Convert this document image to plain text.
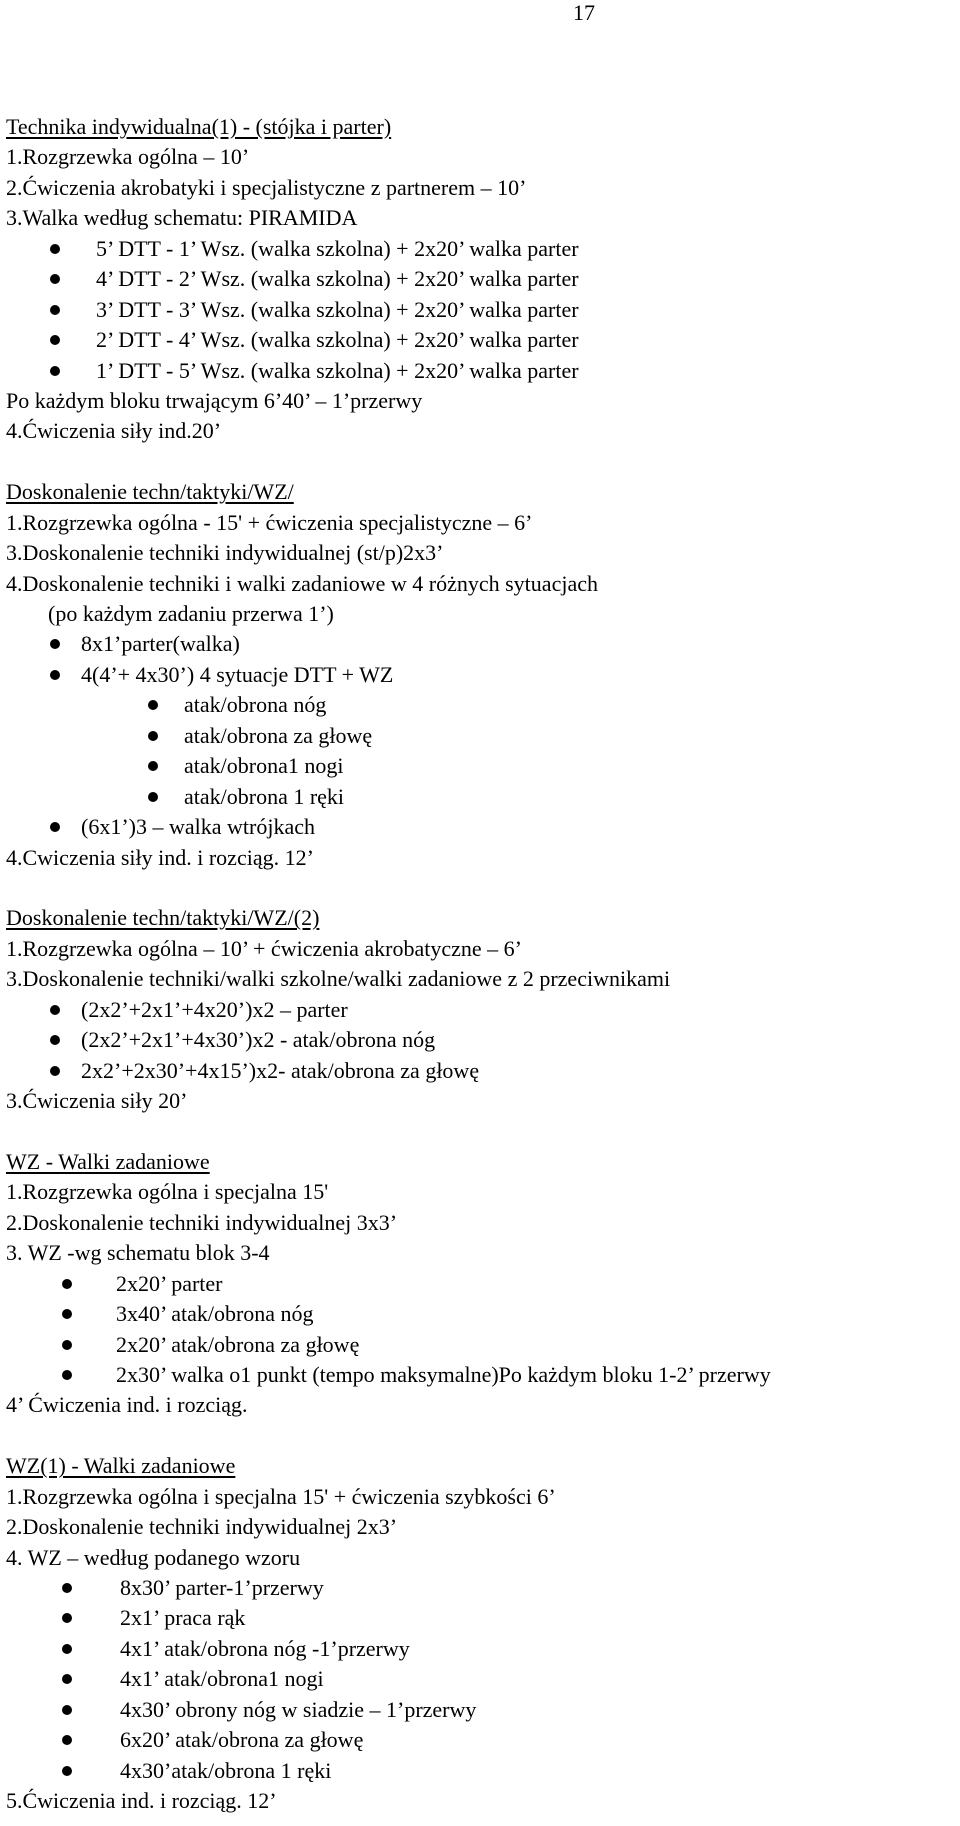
17
Technika indywidualna(1) - (stójka i parter)
1.Rozgrzewka ogólna – 10’
2.Ćwiczenia akrobatyki i specjalistyczne z partnerem – 10’
3.Walka według schematu: PIRAMIDA
5’ DTT - 1’ Wsz. (walka szkolna) + 2x20’ walka parter
4’ DTT - 2’ Wsz. (walka szkolna) + 2x20’ walka parter
3’ DTT - 3’ Wsz. (walka szkolna) + 2x20’ walka parter
2’ DTT - 4’ Wsz. (walka szkolna) + 2x20’ walka parter
1’ DTT - 5’ Wsz. (walka szkolna) + 2x20’ walka parter
Po każdym bloku trwającym 6’40’ – 1’przerwy
4.Ćwiczenia siły ind.20’
Doskonalenie techn/taktyki/WZ/
1.Rozgrzewka ogólna - 15' + ćwiczenia specjalistyczne – 6’
3.Doskonalenie techniki indywidualnej (st/p)2x3’
4.Doskonalenie techniki i walki zadaniowe w 4 różnych sytuacjach
(po każdym zadaniu przerwa 1’)
8x1’parter(walka)
4(4’+ 4x30’) 4 sytuacje DTT + WZ
atak/obrona nóg
atak/obrona za głowę
atak/obrona1 nogi
atak/obrona 1 ręki
(6x1’)3 – walka wtrójkach
4.Cwiczenia siły ind. i rozciąg. 12’
Doskonalenie techn/taktyki/WZ/(2)
1.Rozgrzewka ogólna – 10’ + ćwiczenia akrobatyczne – 6’
3.Doskonalenie techniki/walki szkolne/walki zadaniowe z 2 przeciwnikami
(2x2’+2x1’+4x20’)x2 – parter
(2x2’+2x1’+4x30’)x2 - atak/obrona nóg
2x2’+2x30’+4x15’)x2- atak/obrona za głowę
3.Ćwiczenia siły 20’
WZ - Walki zadaniowe
1.Rozgrzewka ogólna i specjalna 15'
2.Doskonalenie techniki indywidualnej 3x3’
3. WZ -wg schematu blok 3-4
2x20’ parter
3x40’ atak/obrona nóg
2x20’ atak/obrona za głowę
2x30’ walka o1 punkt (tempo maksymalne)Po każdym bloku 1-2’ przerwy
4’ Ćwiczenia ind. i rozciąg.
WZ(1) - Walki zadaniowe
1.Rozgrzewka ogólna i specjalna 15' + ćwiczenia szybkości 6’
2.Doskonalenie techniki indywidualnej 2x3’
4. WZ – według podanego wzoru
8x30’ parter-1’przerwy
2x1’ praca rąk
4x1’ atak/obrona nóg -1’przerwy
4x1’ atak/obrona1 nogi
4x30’ obrony nóg w siadzie – 1’przerwy
6x20’ atak/obrona za głowę
4x30’atak/obrona 1 ręki
5.Ćwiczenia ind. i rozciąg. 12’
